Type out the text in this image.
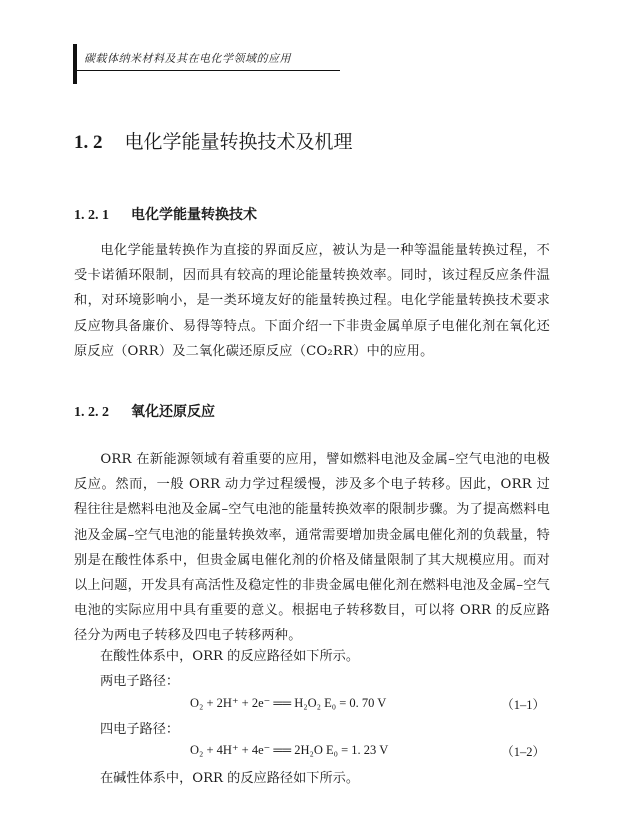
碳载体纳米材料及其在电化学领域的应用
1. 2 电化学能量转换技术及机理
1. 2. 1 电化学能量转换技术

电化学能量转换作为直接的界面反应，被认为是一种等温能量转换过程，不受卡诺循环限制，因而具有较高的理论能量转换效率。同时，该过程反应条件温和，对环境影响小，是一类环境友好的能量转换过程。电化学能量转换技术要求反应物具备廉价、易得等特点。下面介绍一下非贵金属单原子电催化剂在氧化还原反应（ORR）及二氧化碳还原反应（CO₂RR）中的应用。

1. 2. 2 氧化还原反应

ORR 在新能源领域有着重要的应用，譬如燃料电池及金属–空气电池的电极反应。然而，一般 ORR 动力学过程缓慢，涉及多个电子转移。因此，ORR 过程往往是燃料电池及金属–空气电池的能量转换效率的限制步骤。为了提高燃料电池及金属–空气电池的能量转换效率，通常需要增加贵金属电催化剂的负载量，特别是在酸性体系中，但贵金属电催化剂的价格及储量限制了其大规模应用。而对以上问题，开发具有高活性及稳定性的非贵金属电催化剂在燃料电池及金属–空气电池的实际应用中具有重要的意义。根据电子转移数目，可以将 ORR 的反应路径分为两电子转移及四电子转移两种。

在酸性体系中，ORR 的反应路径如下所示。
两电子路径：
O₂ + 2H⁺ + 2e⁻ ══ H₂O₂ E₀ = 0. 70 V	（1–1）
四电子路径：
O₂ + 4H⁺ + 4e⁻ ══ 2H₂O E₀ = 1. 23 V	（1–2）
在碱性体系中，ORR 的反应路径如下所示。
